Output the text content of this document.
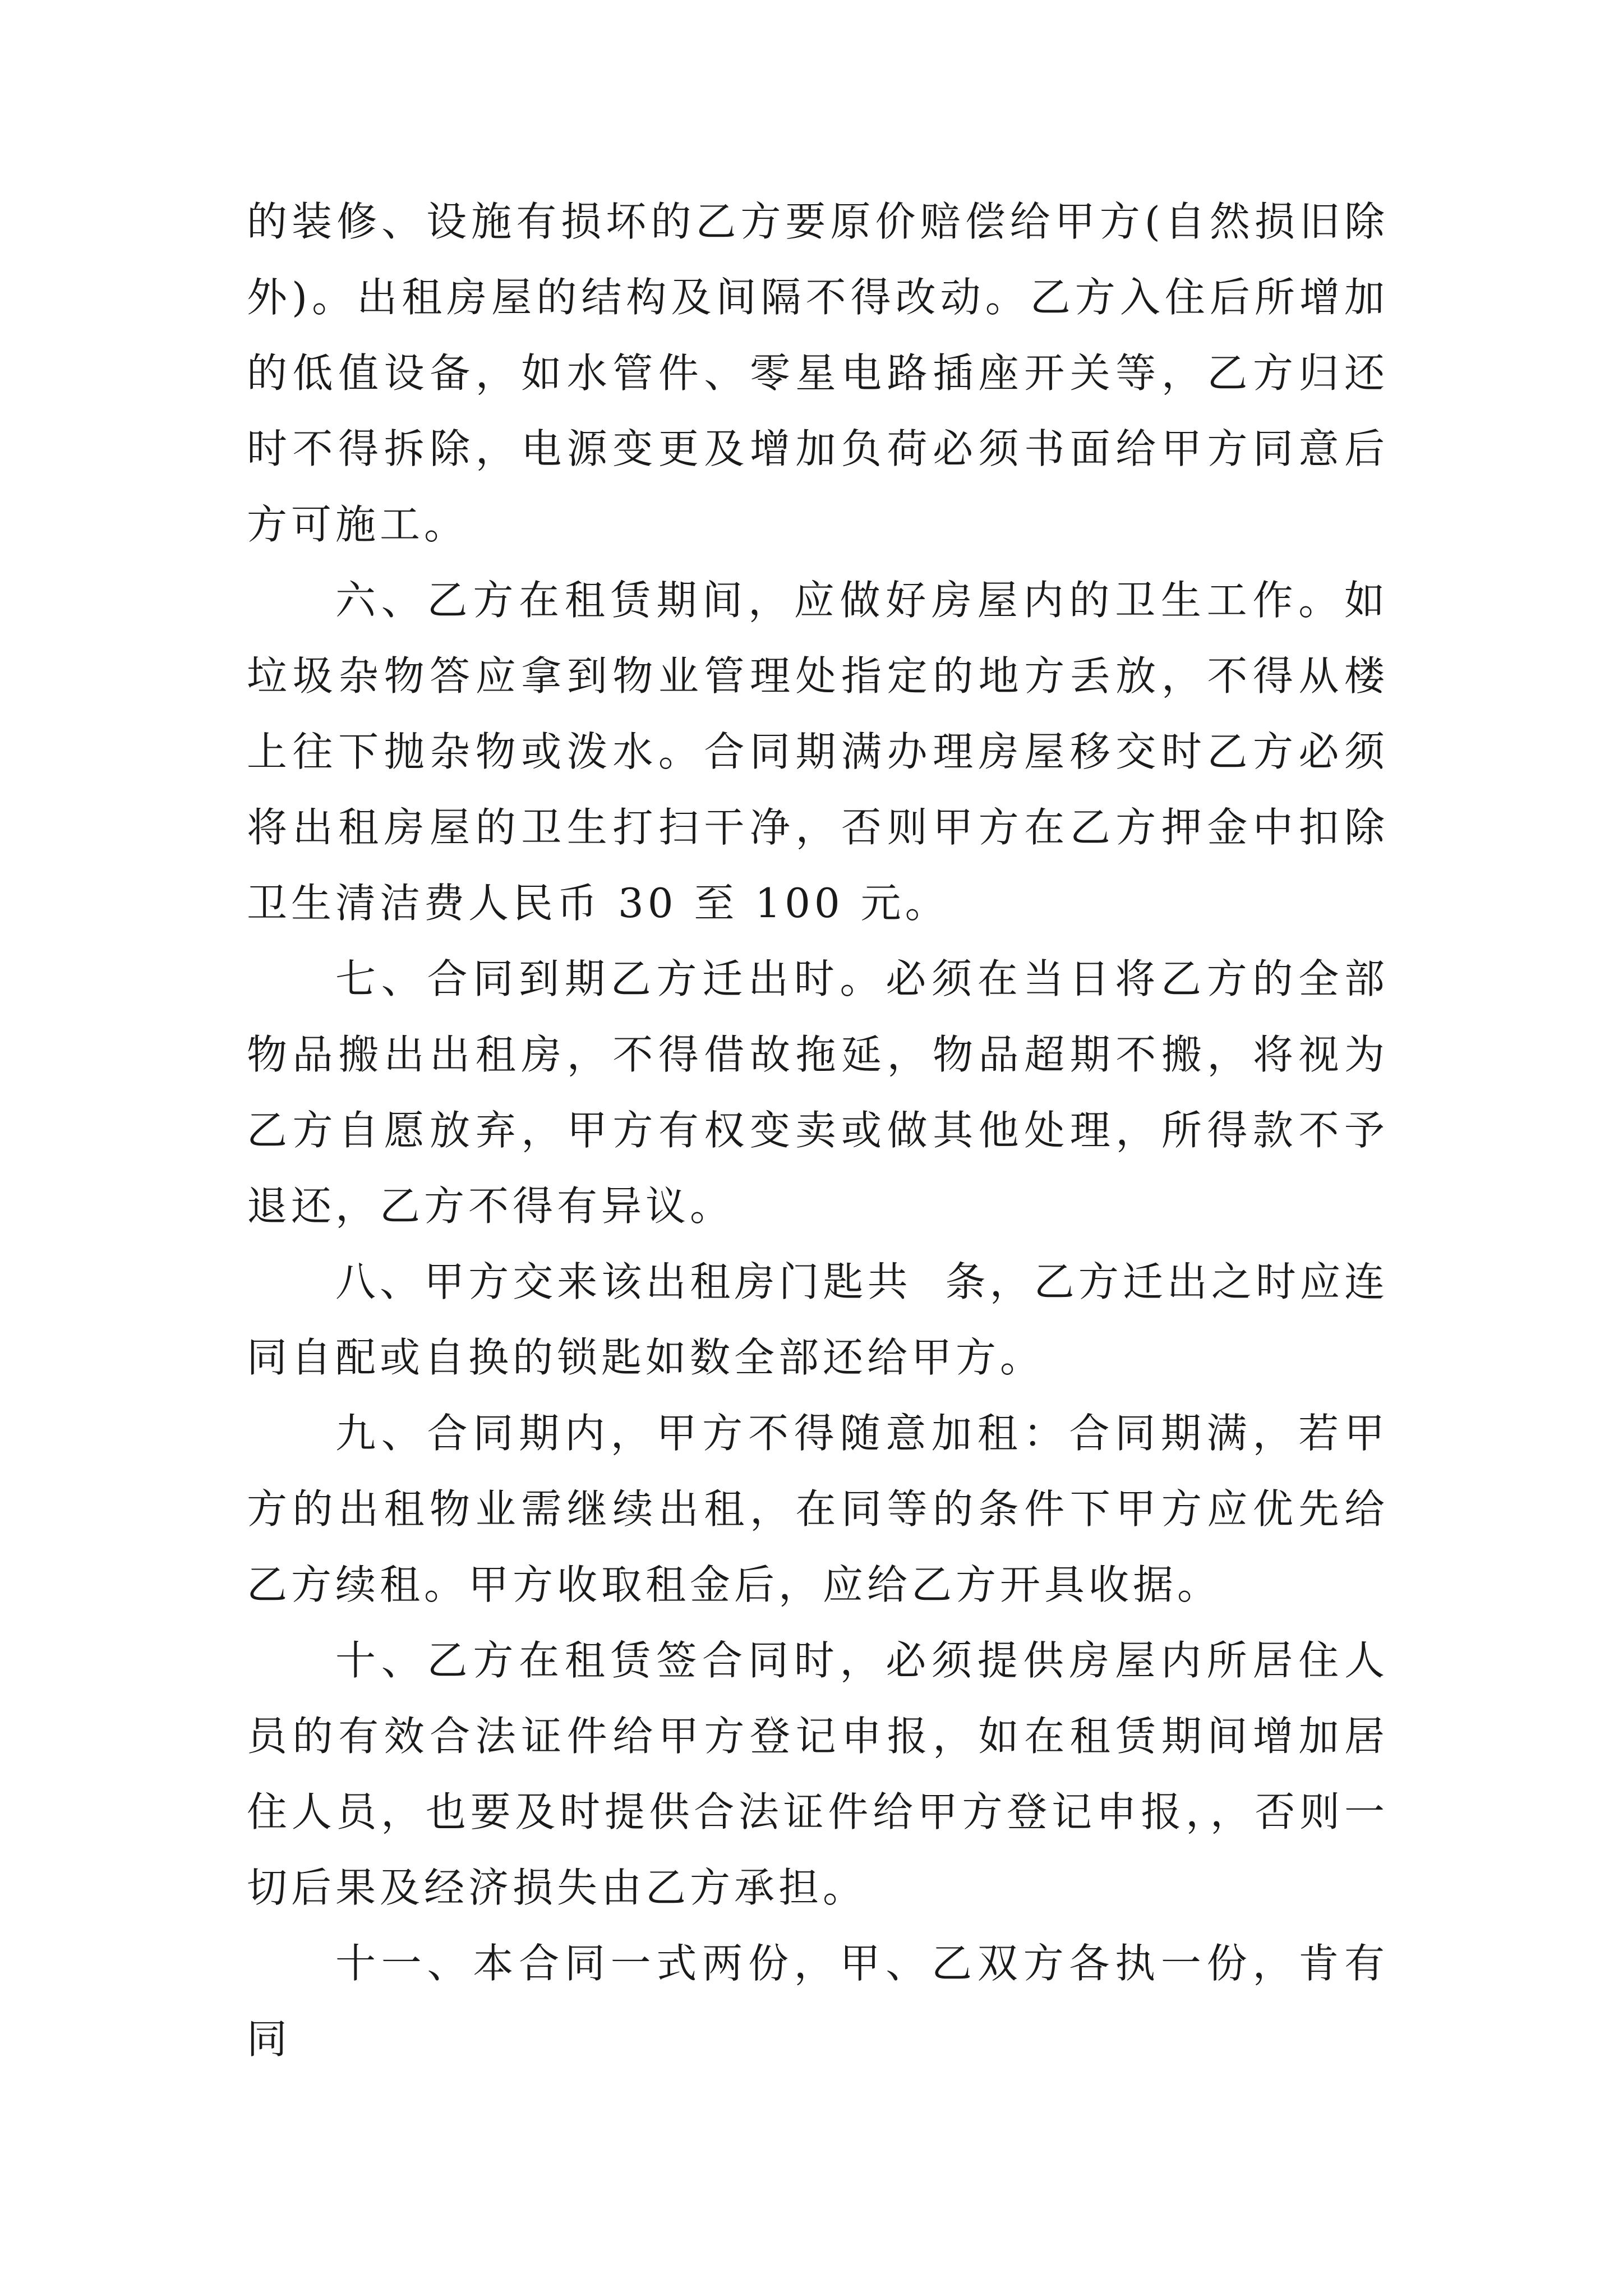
的装修、设施有损坏的乙方要原价赔偿给甲方(自然损旧除外)。出租房屋的结构及间隔不得改动。乙方入住后所增加的低值设备，如水管件、零星电路插座开关等，乙方归还时不得拆除，电源变更及增加负荷必须书面给甲方同意后方可施工。

六、乙方在租赁期间，应做好房屋内的卫生工作。如垃圾杂物答应拿到物业管理处指定的地方丢放，不得从楼上往下抛杂物或泼水。合同期满办理房屋移交时乙方必须将出租房屋的卫生打扫干净，否则甲方在乙方押金中扣除卫生清洁费人民币 30 至 100 元。

七、合同到期乙方迁出时。必须在当日将乙方的全部物品搬出出租房，不得借故拖延，物品超期不搬，将视为乙方自愿放弃，甲方有权变卖或做其他处理，所得款不予退还，乙方不得有异议。

八、甲方交来该出租房门匙共  条，乙方迁出之时应连同自配或自换的锁匙如数全部还给甲方。

九、合同期内，甲方不得随意加租：合同期满，若甲方的出租物业需继续出租，在同等的条件下甲方应优先给乙方续租。甲方收取租金后，应给乙方开具收据。

十、乙方在租赁签合同时，必须提供房屋内所居住人员的有效合法证件给甲方登记申报，如在租赁期间增加居住人员，也要及时提供合法证件给甲方登记申报，，否则一切后果及经济损失由乙方承担。

十一、本合同一式两份，甲、乙双方各执一份，肯有同
